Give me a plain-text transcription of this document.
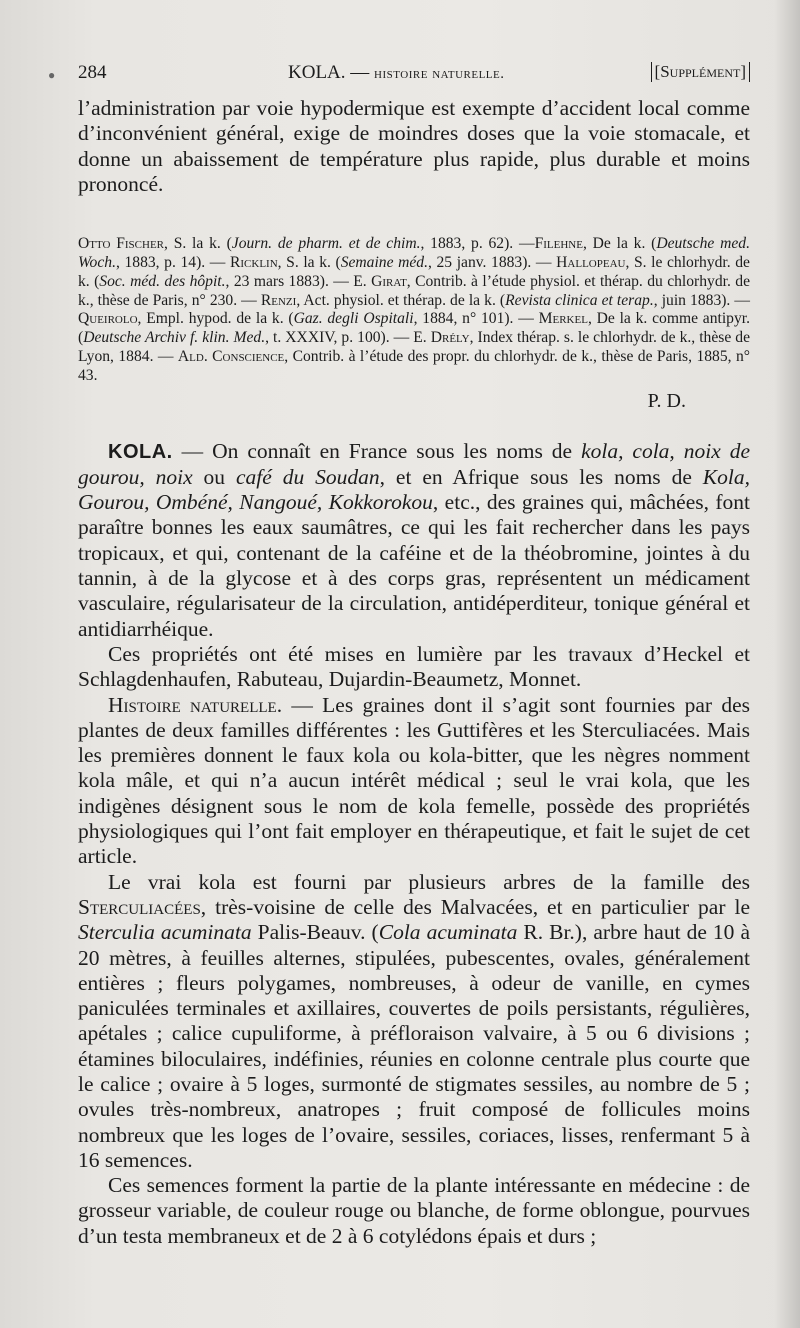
● 284	KOLA. — histoire naturelle.	[Supplément]

l’administration par voie hypodermique est exempte d’accident local comme d’inconvénient général, exige de moindres doses que la voie stomacale, et donne un abaissement de température plus rapide, plus durable et moins prononcé.

Otto Fischer, S. la k. (Journ. de pharm. et de chim., 1883, p. 62). —Filehne, De la k. (Deutsche med. Woch., 1883, p. 14). — Ricklin, S. la k. (Semaine méd., 25 janv. 1883). — Hallopeau, S. le chlorhydr. de k. (Soc. méd. des hôpit., 23 mars 1883). — E. Girat, Contrib. à l’étude physiol. et thérap. du chlorhydr. de k., thèse de Paris, n° 230. — Renzi, Act. physiol. et thérap. de la k. (Revista clinica et terap., juin 1883). — Queirolo, Empl. hypod. de la k. (Gaz. degli Ospitali, 1884, n° 101). — Merkel, De la k. comme antipyr. (Deutsche Archiv f. klin. Med., t. XXXIV, p. 100). — E. Drély, Index thérap. s. le chlorhydr. de k., thèse de Lyon, 1884. — Ald. Conscience, Contrib. à l’étude des propr. du chlorhydr. de k., thèse de Paris, 1885, n° 43.

P. D.

KOLA. — On connaît en France sous les noms de kola, cola, noix de gourou, noix ou café du Soudan, et en Afrique sous les noms de Kola, Gourou, Ombéné, Nangoué, Kokkorokou, etc., des graines qui, mâchées, font paraître bonnes les eaux saumâtres, ce qui les fait rechercher dans les pays tropicaux, et qui, contenant de la caféine et de la théobromine, jointes à du tannin, à de la glycose et à des corps gras, représentent un médicament vasculaire, régularisateur de la circulation, antidéperditeur, tonique général et antidiarrhéique.

Ces propriétés ont été mises en lumière par les travaux d’Heckel et Schlagdenhaufen, Rabuteau, Dujardin-Beaumetz, Monnet.

Histoire naturelle. — Les graines dont il s’agit sont fournies par des plantes de deux familles différentes : les Guttifères et les Sterculiacées. Mais les premières donnent le faux kola ou kola-bitter, que les nègres nomment kola mâle, et qui n’a aucun intérêt médical ; seul le vrai kola, que les indigènes désignent sous le nom de kola femelle, possède des propriétés physiologiques qui l’ont fait employer en thérapeutique, et fait le sujet de cet article.

Le vrai kola est fourni par plusieurs arbres de la famille des Sterculiacées, très-voisine de celle des Malvacées, et en particulier par le Sterculia acuminata Palis-Beauv. (Cola acuminata R. Br.), arbre haut de 10 à 20 mètres, à feuilles alternes, stipulées, pubescentes, ovales, généralement entières ; fleurs polygames, nombreuses, à odeur de vanille, en cymes paniculées terminales et axillaires, couvertes de poils persistants, régulières, apétales ; calice cupuliforme, à préfloraison valvaire, à 5 ou 6 divisions ; étamines biloculaires, indéfinies, réunies en colonne centrale plus courte que le calice ; ovaire à 5 loges, surmonté de stigmates sessiles, au nombre de 5 ; ovules très-nombreux, anatropes ; fruit composé de follicules moins nombreux que les loges de l’ovaire, sessiles, coriaces, lisses, renfermant 5 à 16 semences.

Ces semences forment la partie de la plante intéressante en médecine : de grosseur variable, de couleur rouge ou blanche, de forme oblongue, pourvues d’un testa membraneux et de 2 à 6 cotylédons épais et durs ;
